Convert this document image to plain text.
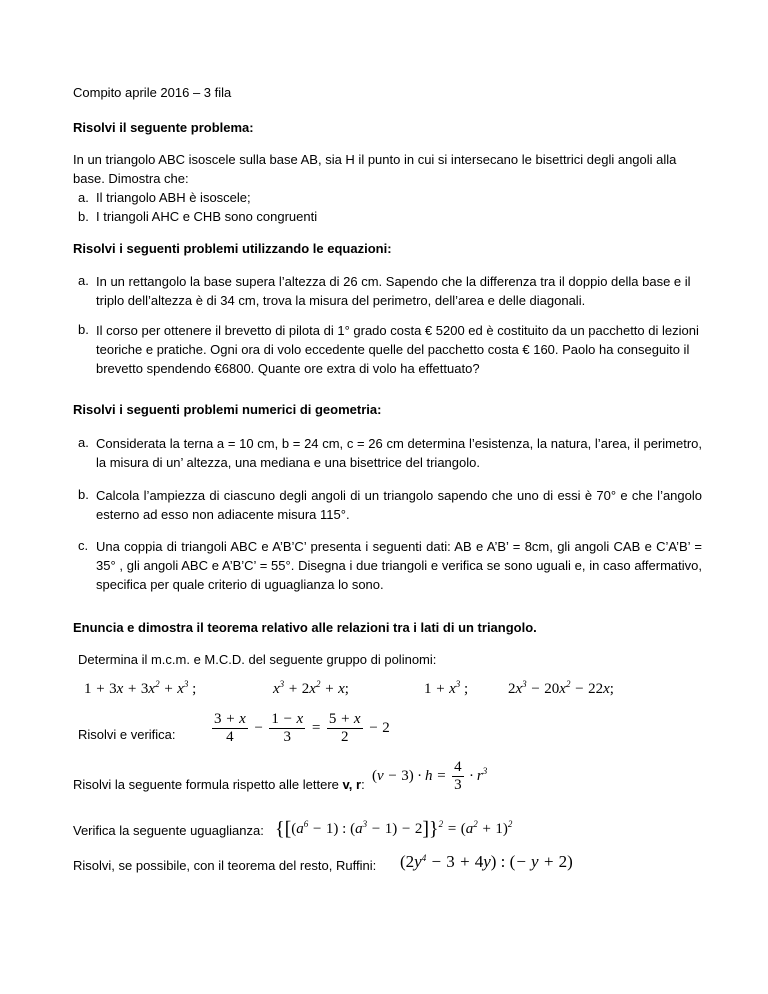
Compito aprile 2016 – 3 fila
Risolvi il seguente problema:
In un triangolo ABC isoscele sulla base AB, sia H il punto in cui si intersecano le bisettrici degli angoli alla
base. Dimostra che:
a. Il triangolo ABH è isoscele;
b. I triangoli AHC e CHB sono congruenti
Risolvi i seguenti problemi utilizzando le equazioni:
a. In un rettangolo la base supera l’altezza di 26 cm. Sapendo che la differenza tra il doppio della base e il triplo dell’altezza è di 34 cm, trova la misura del perimetro, dell’area e delle diagonali.
b. Il corso per ottenere il brevetto di pilota di 1° grado costa € 5200 ed è costituito da un pacchetto di lezioni teoriche e pratiche. Ogni ora di volo eccedente quelle del pacchetto costa € 160. Paolo ha conseguito il brevetto spendendo €6800. Quante ore extra di volo ha effettuato?
Risolvi i seguenti problemi numerici di geometria:
a. Considerata la terna a = 10 cm, b = 24 cm, c = 26 cm determina l’esistenza, la natura, l’area, il perimetro, la misura di un’ altezza, una mediana e una bisettrice del triangolo.
b. Calcola l’ampiezza di ciascuno degli angoli di un triangolo sapendo che uno di essi è 70° e che l’angolo esterno ad esso non adiacente misura 115°.
c. Una coppia di triangoli ABC e A’B’C’ presenta i seguenti dati: AB e A’B’ = 8cm, gli angoli CAB e C’A’B’ = 35° , gli angoli ABC e A’B’C’ = 55°. Disegna i due triangoli e verifica se sono uguali e, in caso affermativo, specifica per quale criterio di uguaglianza lo sono.
Enuncia e dimostra il teorema relativo alle relazioni tra i lati di un triangolo.
Determina il m.c.m. e M.C.D. del seguente gruppo di polinomi:
$1 + 3x + 3x^2 + x^3$ ;	$x^3 + 2x^2 + x$;	$1 + x^3$ ;	$2x^3 - 20x^2 - 22x$;
Risolvi e verifica: $\frac{3 + x}{4} - \frac{1 - x}{3} = \frac{5 + x}{2} - 2$
Risolvi la seguente formula rispetto alle lettere v, r:
$(v - 3) \cdot h = \frac{4}{3} \cdot r^3$
Verifica la seguente uguaglianza: {[$(a^6 - 1)$ : $(a^3 - 1) - 2]\}^2 = (a^2 + 1)^2$
Risolvi, se possibile, con il teorema del resto, Ruffini: $(2y^4 - 3 + 4y)$ : (− y + 2)
